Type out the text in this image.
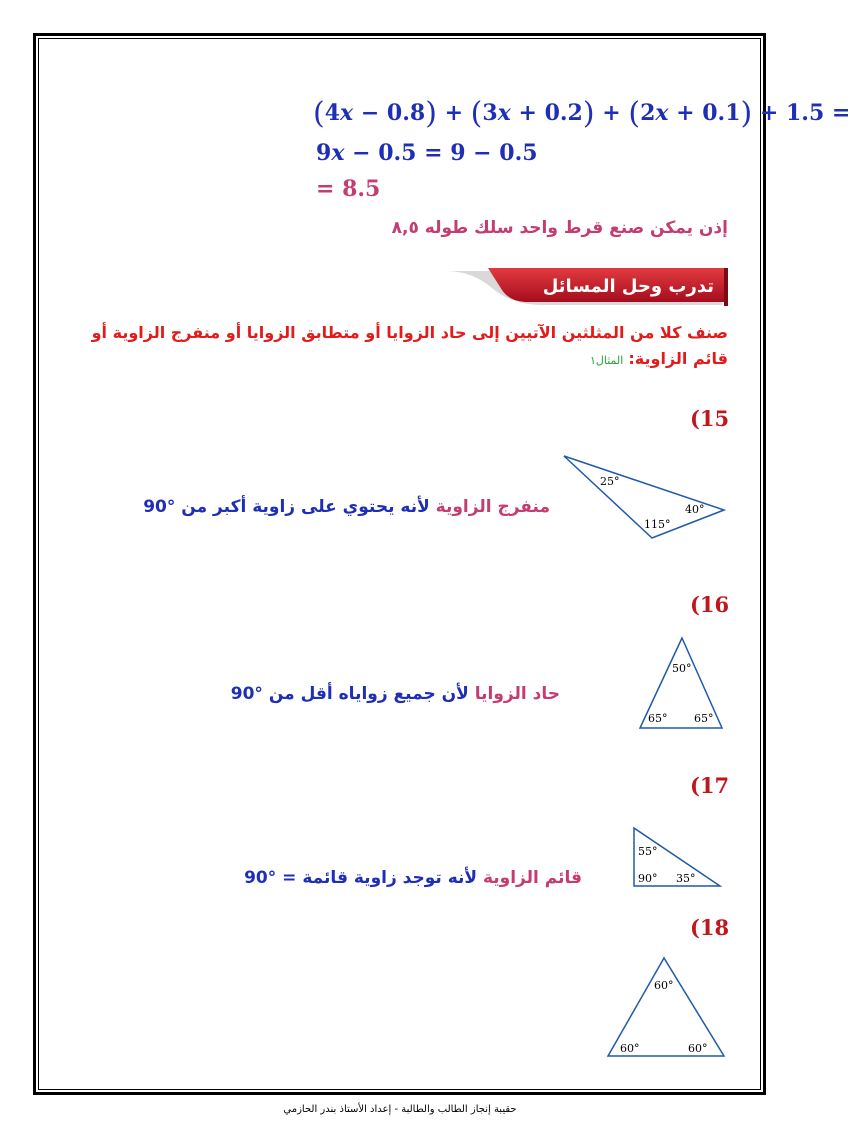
(4x − 0.8) + (3x + 0.2) + (2x + 0.1) + 1.5 =
9x − 0.5 = 9 − 0.5
= 8.5
إذن يمكن صنع قرط واحد سلك طوله ٨,٥
تدرب وحل المسائل
صنف كلا من المثلثين الآتيين إلى حاد الزوايا أو متطابق الزوايا أو منفرج الزاوية أو
قائم الزاوية: المثال١
(15
منفرج الزاوية لأنه يحتوي على زاوية أكبر من 90°
25°
40°
115°
(16
حاد الزوايا لأن جميع زواياه أقل من 90°
50°
65° 65°
(17
قائم الزاوية لأنه توجد زاوية قائمة = 90°
55°
90° 35°
(18
60°
60°	60°
حقيبة إنجاز الطالب والطالبة - إعداد الأستاذ بندر الحازمي
